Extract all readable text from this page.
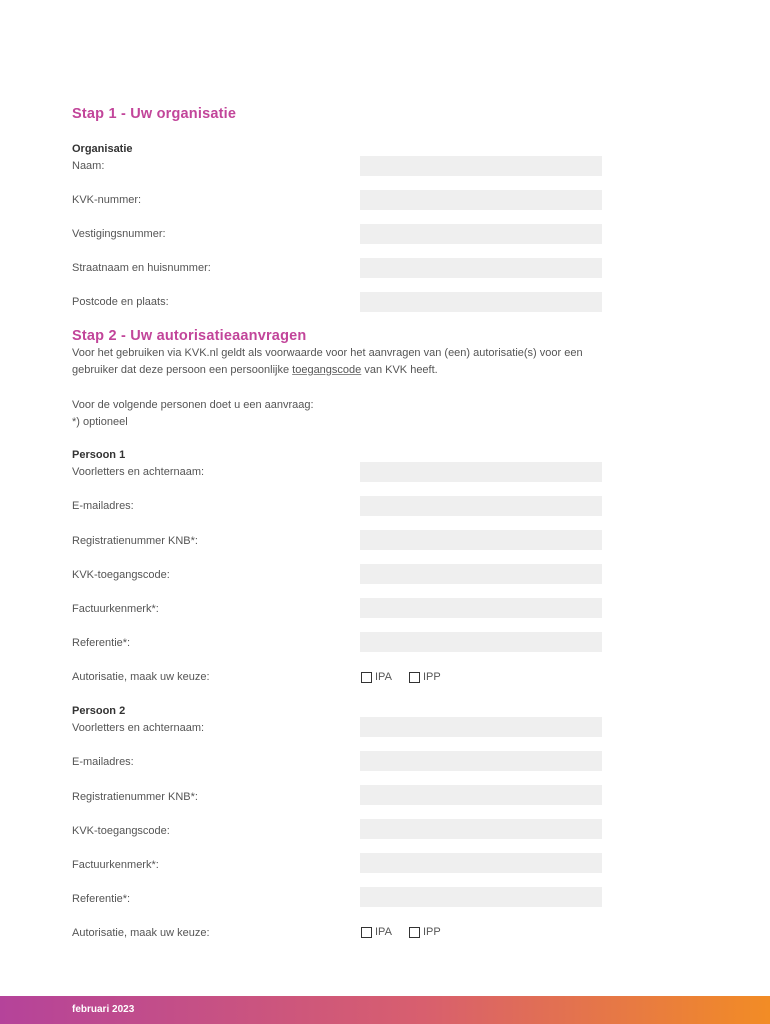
Stap 1 - Uw organisatie
Organisatie
Naam:
KVK-nummer:
Vestigingsnummer:
Straatnaam en huisnummer:
Postcode en plaats:
Stap 2 - Uw autorisatieaanvragen
Voor het gebruiken via KVK.nl geldt als voorwaarde voor het aanvragen van (een) autorisatie(s) voor een gebruiker dat deze persoon een persoonlijke toegangscode van KVK heeft.
Voor de volgende personen doet u een aanvraag:
*) optioneel
Persoon 1
Voorletters en achternaam:
E-mailadres:
Registratienummer KNB*:
KVK-toegangscode:
Factuurkenmerk*:
Referentie*:
Autorisatie, maak uw keuze:	IPA	IPP
Persoon 2
Voorletters en achternaam:
E-mailadres:
Registratienummer KNB*:
KVK-toegangscode:
Factuurkenmerk*:
Referentie*:
Autorisatie, maak uw keuze:	IPA	IPP
februari 2023
